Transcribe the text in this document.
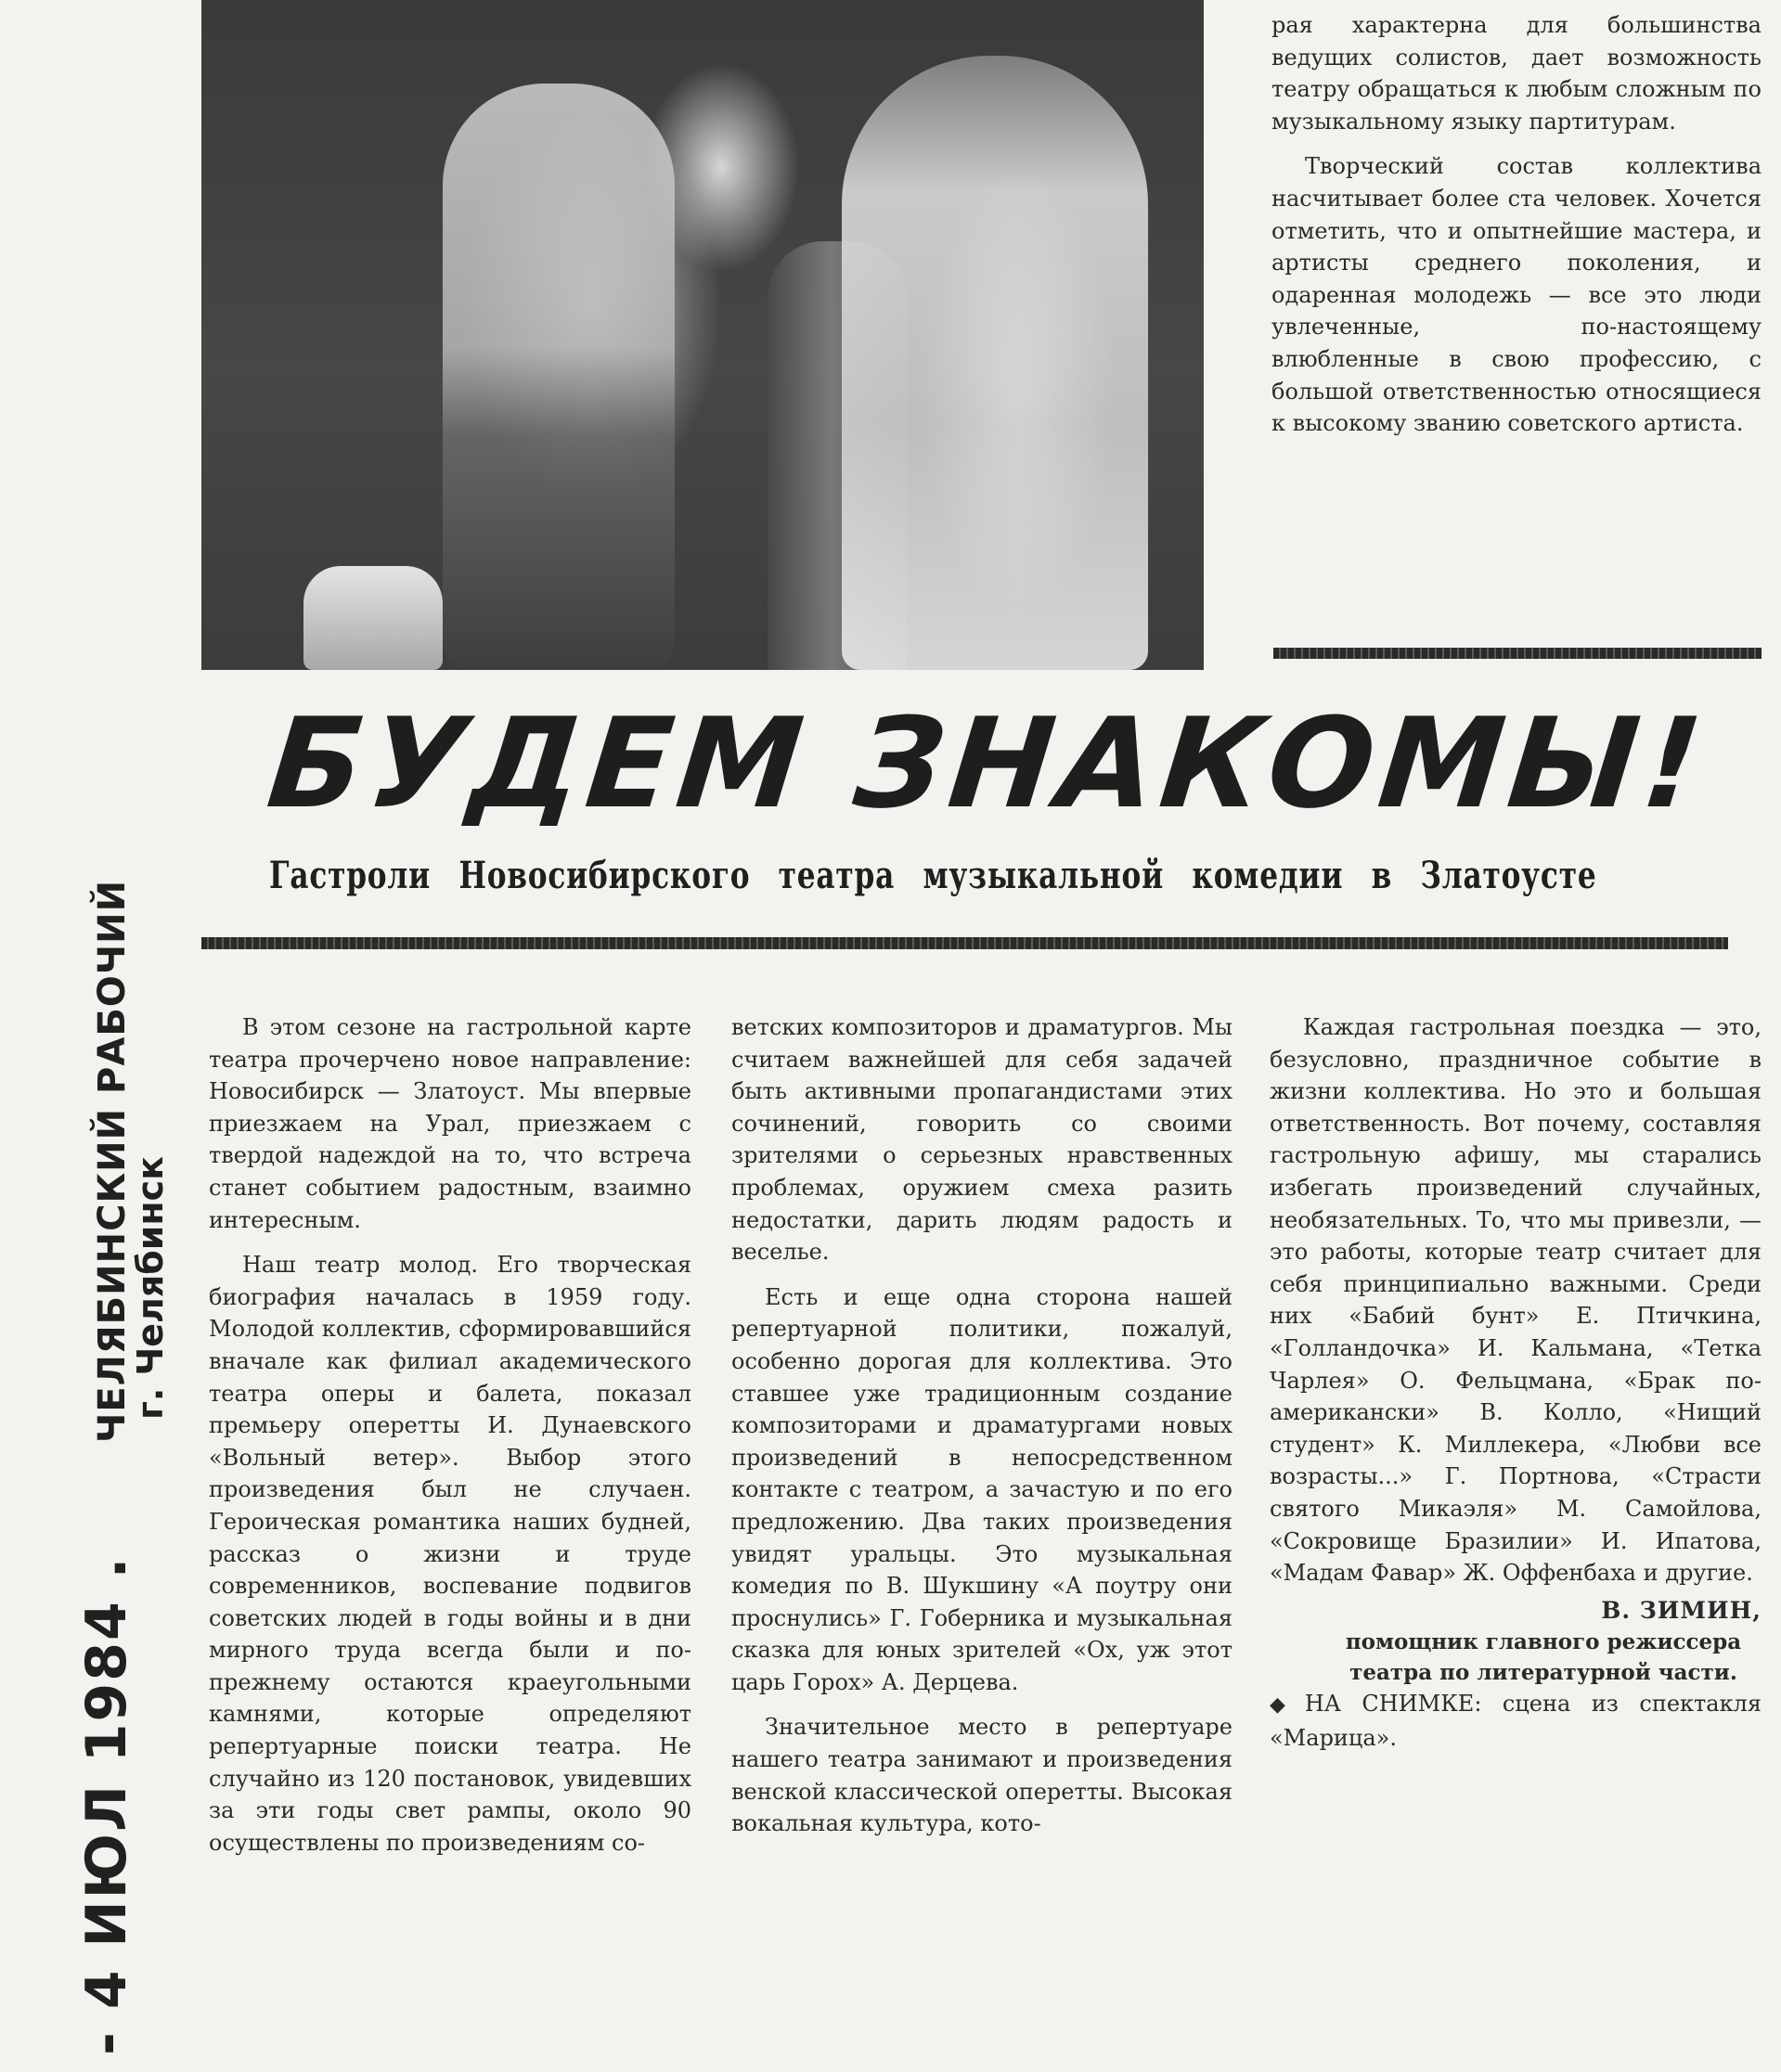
рая характерна для большинства ведущих солистов, дает возможность театру обращаться к любым сложным по музыкальному языку партитурам.

Творческий состав коллектива насчитывает более ста человек. Хочется отметить, что и опытнейшие мастера, и артисты среднего поколения, и одаренная молодежь — все это люди увлеченные, по-настоящему влюбленные в свою профессию, с большой ответственностью относящиеся к высокому званию советского артиста.

БУДЕМ ЗНАКОМЫ!
Гастроли Новосибирского театра музыкальной комедии в Златоусте

В этом сезоне на гастрольной карте театра прочерчено новое направление: Новосибирск — Златоуст. Мы впервые приезжаем на Урал, приезжаем с твердой надеждой на то, что встреча станет событием радостным, взаимно интересным.

Наш театр молод. Его творческая биография началась в 1959 году. Молодой коллектив, сформировавшийся вначале как филиал академического театра оперы и балета, показал премьеру оперетты И. Дунаевского «Вольный ветер». Выбор этого произведения был не случаен. Героическая романтика наших будней, рассказ о жизни и труде современников, воспевание подвигов советских людей в годы войны и в дни мирного труда всегда были и по-прежнему остаются краеугольными камнями, которые определяют репертуарные поиски театра. Не случайно из 120 постановок, увидевших за эти годы свет рампы, около 90 осуществлены по произведениям со-

ветских композиторов и драматургов. Мы считаем важнейшей для себя задачей быть активными пропагандистами этих сочинений, говорить со своими зрителями о серьезных нравственных проблемах, оружием смеха разить недостатки, дарить людям радость и веселье.

Есть и еще одна сторона нашей репертуарной политики, пожалуй, особенно дорогая для коллектива. Это ставшее уже традиционным создание композиторами и драматургами новых произведений в непосредственном контакте с театром, а зачастую и по его предложению. Два таких произведения увидят уральцы. Это музыкальная комедия по В. Шукшину «А поутру они проснулись» Г. Гоберника и музыкальная сказка для юных зрителей «Ох, уж этот царь Горох» А. Дерцева.

Значительное место в репертуаре нашего театра занимают и произведения венской классической оперетты. Высокая вокальная культура, кото-

Каждая гастрольная поездка — это, безусловно, праздничное событие в жизни коллектива. Но это и большая ответственность. Вот почему, составляя гастрольную афишу, мы старались избегать произведений случайных, необязательных. То, что мы привезли, — это работы, которые театр считает для себя принципиально важными. Среди них «Бабий бунт» Е. Птичкина, «Голландочка» И. Кальмана, «Тетка Чарлея» О. Фельцмана, «Брак по-американски» В. Колло, «Нищий студент» К. Миллекера, «Любви все возрасты...» Г. Портнова, «Страсти святого Микаэля» М. Самойлова, «Сокровище Бразилии» И. Ипатова, «Мадам Фавар» Ж. Оффенбаха и другие.

В. ЗИМИН,
помощник главного режиссера театра по литературной части.

◆ НА СНИМКЕ: сцена из спектакля «Марица».

ЧЕЛЯБИНСКИЙ РАБОЧИЙ
г. Челябинск
- 4 ИЮЛ 1984 .
